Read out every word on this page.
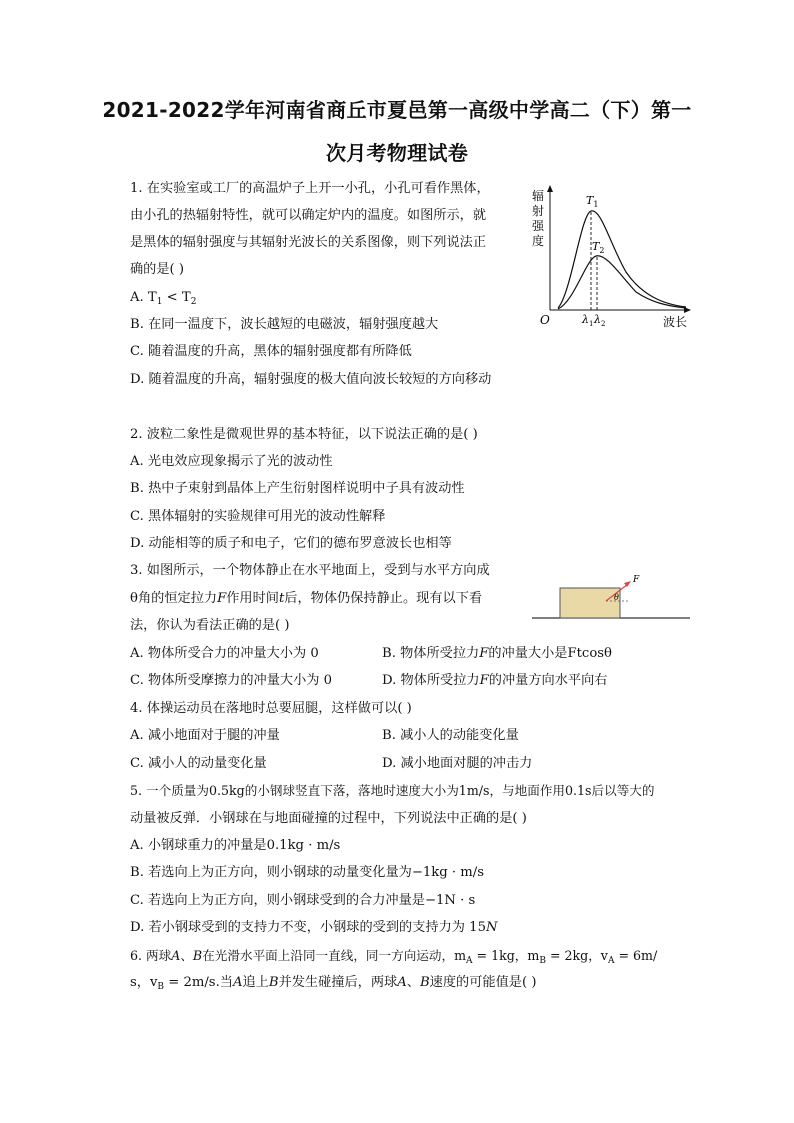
2021-2022学年河南省商丘市夏邑第一高级中学高二（下）第一
次月考物理试卷
1. 在实验室或工厂的高温炉子上开一小孔，小孔可看作黑体，
由小孔的热辐射特性，就可以确定炉内的温度。如图所示，就
是黑体的辐射强度与其辐射光波长的关系图像，则下列说法正
确的是( )
A. $T_1 < T_2$
B. 在同一温度下，波长越短的电磁波，辐射强度越大
C. 随着温度的升高，黑体的辐射强度都有所降低
D. 随着温度的升高，辐射强度的极大值向波长较短的方向移动
辐
射
强
度
O	波长
$T_1$
$T_2$
$\lambda_1$ $\lambda_2$
2. 波粒二象性是微观世界的基本特征，以下说法正确的是( )
A. 光电效应现象揭示了光的波动性
B. 热中子束射到晶体上产生衍射图样说明中子具有波动性
C. 黑体辐射的实验规律可用光的波动性解释
D. 动能相等的质子和电子，它们的德布罗意波长也相等
3. 如图所示，一个物体静止在水平地面上，受到与水平方向成
θ角的恒定拉力F作用时间t后，物体仍保持静止。现有以下看
法，你认为看法正确的是( )
A. 物体所受合力的冲量大小为 0	B. 物体所受拉力F的冲量大小是Ftcosθ
C. 物体所受摩擦力的冲量大小为 0	D. 物体所受拉力F的冲量方向水平向右
F
θ
4. 体操运动员在落地时总要屈腿，这样做可以( )
A. 减小地面对于腿的冲量	B. 减小人的动能变化量
C. 减小人的动量变化量	D. 减小地面对腿的冲击力
5. 一个质量为0.5kg的小钢球竖直下落，落地时速度大小为1m/s，与地面作用0.1s后以等大的
动量被反弹．小钢球在与地面碰撞的过程中，下列说法中正确的是( )
A. 小钢球重力的冲量是0.1kg · m/s
B. 若选向上为正方向，则小钢球的动量变化量为−1kg · m/s
C. 若选向上为正方向，则小钢球受到的合力冲量是−1N · s
D. 若小钢球受到的支持力不变，小钢球的受到的支持力为 15N
6. 两球A、B在光滑水平面上沿同一直线，同一方向运动，$m_A = 1kg$，$m_B = 2kg$，$v_A = 6m/$
s，$v_B = 2m/s$.当A追上B并发生碰撞后，两球A、B速度的可能值是( )
